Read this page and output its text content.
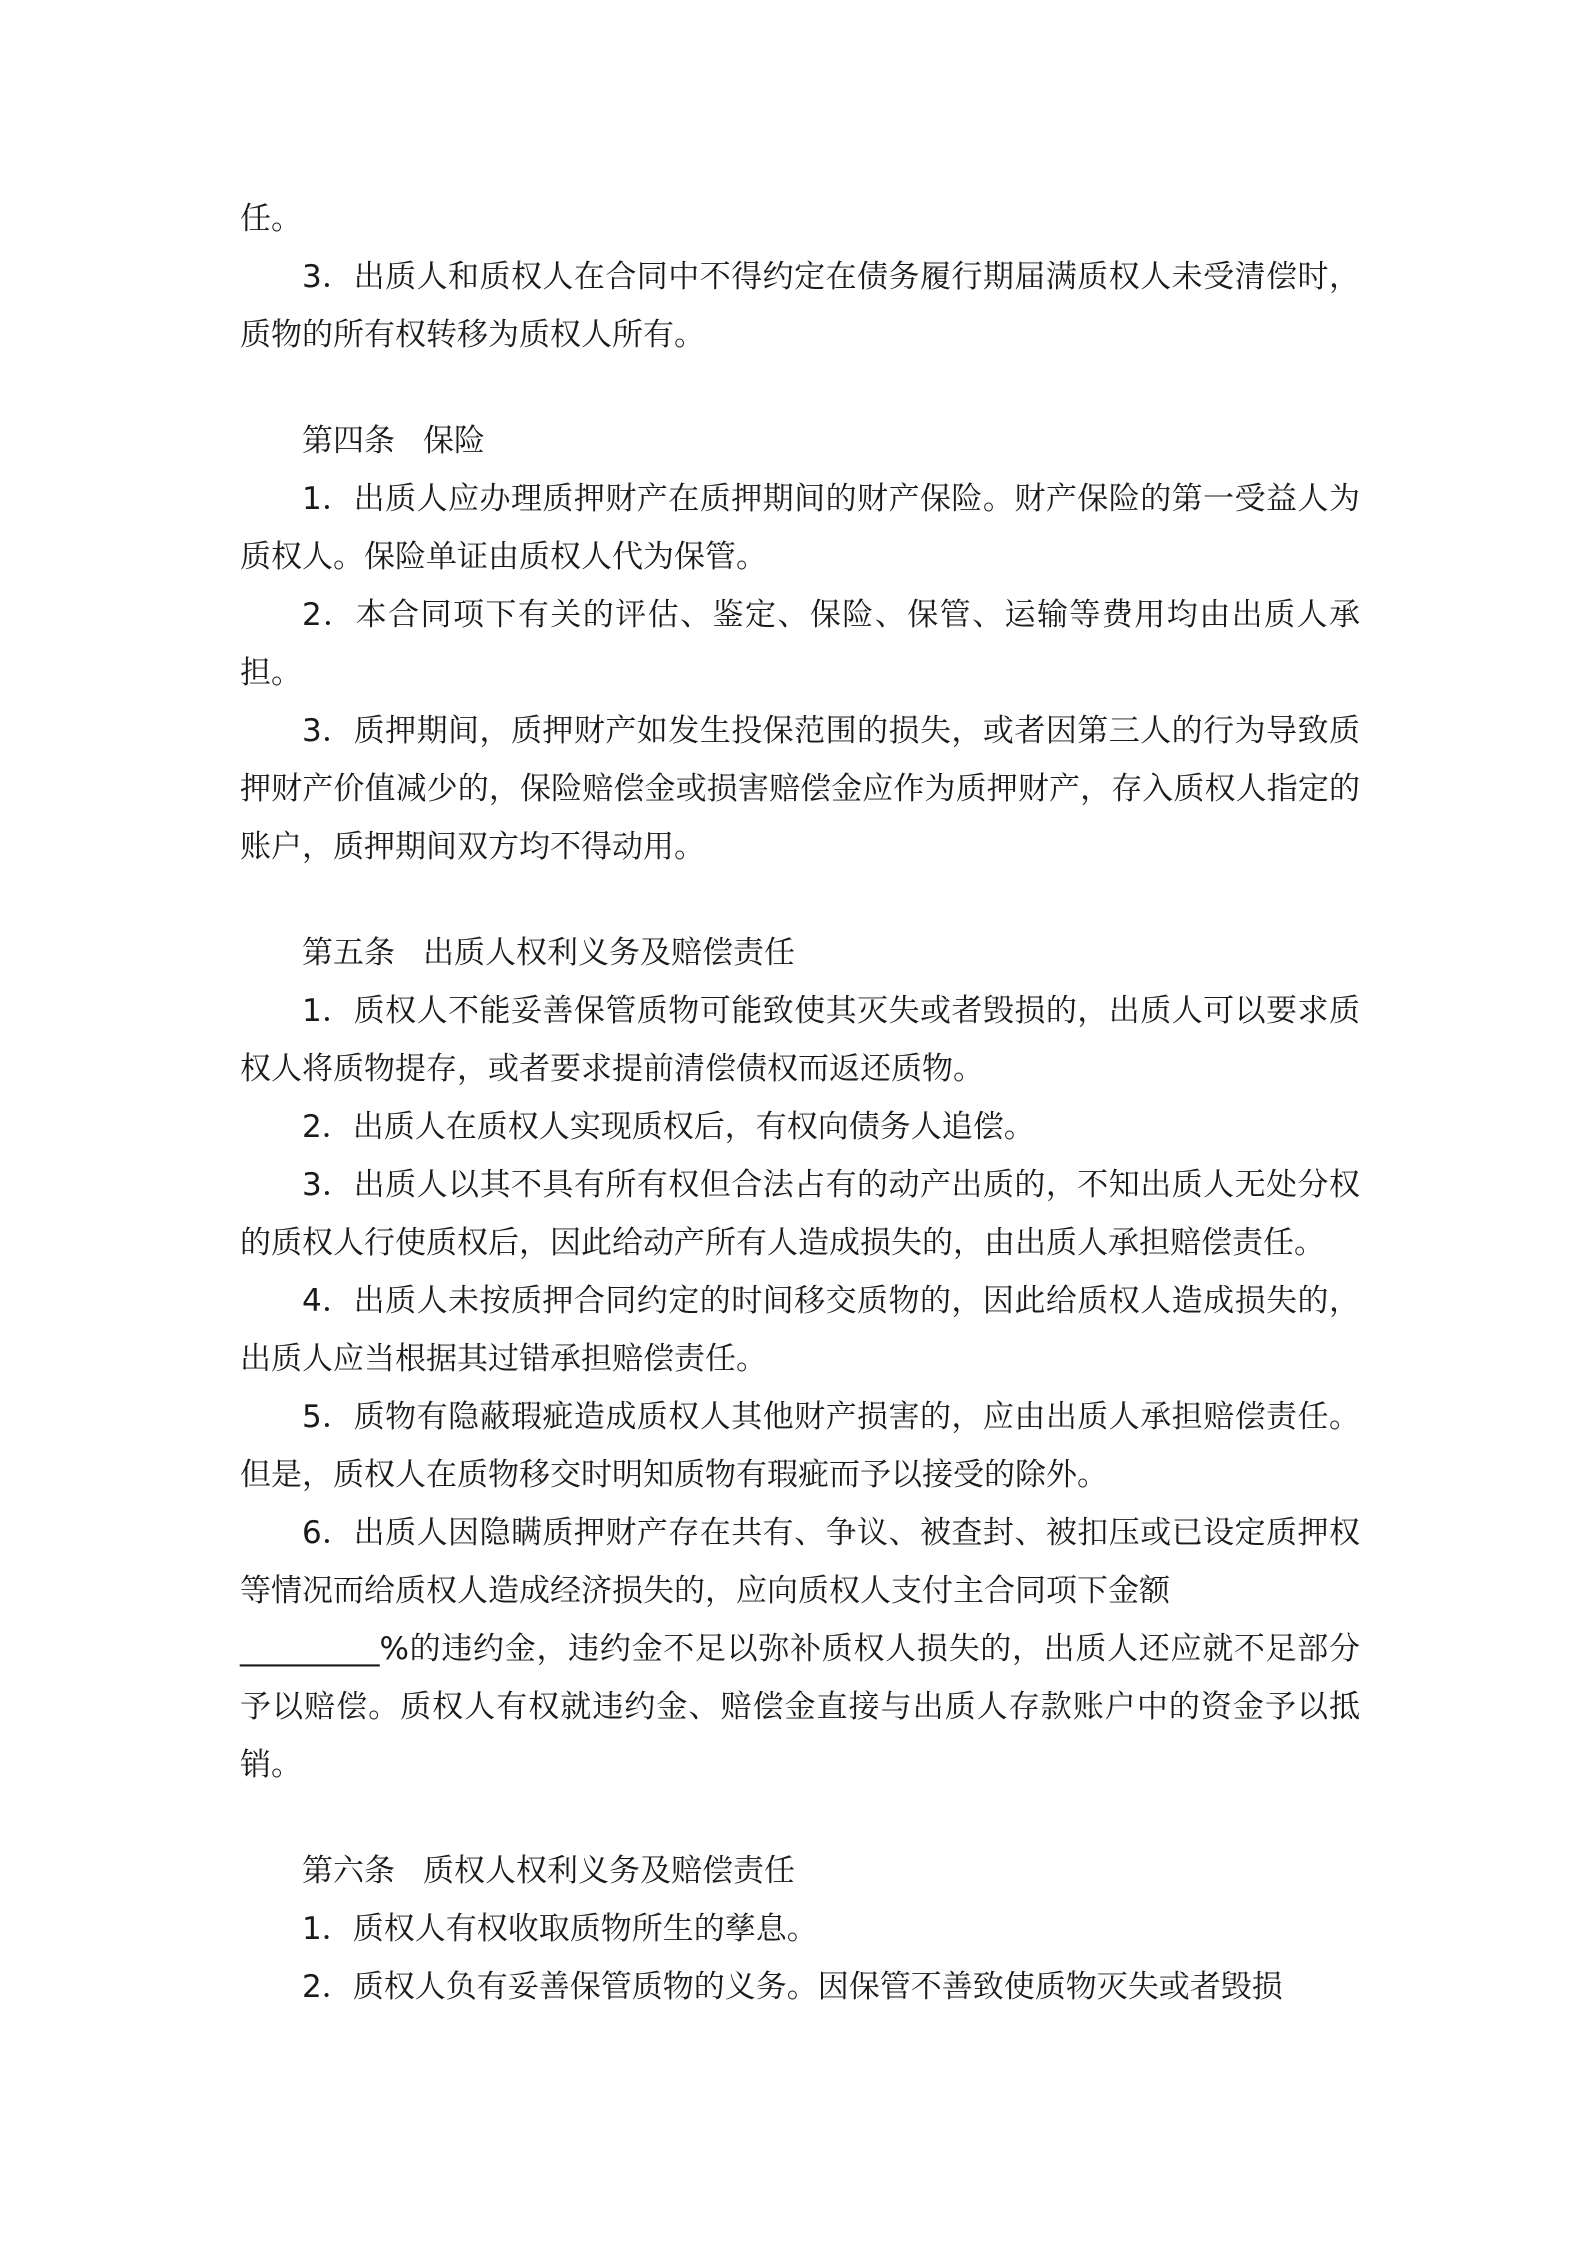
任。

3．出质人和质权人在合同中不得约定在债务履行期届满质权人未受清偿时，质物的所有权转移为质权人所有。

第四条 保险

1．出质人应办理质押财产在质押期间的财产保险。财产保险的第一受益人为质权人。保险单证由质权人代为保管。

2．本合同项下有关的评估、鉴定、保险、保管、运输等费用均由出质人承担。

3．质押期间，质押财产如发生投保范围的损失，或者因第三人的行为导致质押财产价值减少的，保险赔偿金或损害赔偿金应作为质押财产，存入质权人指定的账户，质押期间双方均不得动用。

第五条 出质人权利义务及赔偿责任

1．质权人不能妥善保管质物可能致使其灭失或者毁损的，出质人可以要求质权人将质物提存，或者要求提前清偿债权而返还质物。

2．出质人在质权人实现质权后，有权向债务人追偿。

3．出质人以其不具有所有权但合法占有的动产出质的，不知出质人无处分权的质权人行使质权后，因此给动产所有人造成损失的，由出质人承担赔偿责任。

4．出质人未按质押合同约定的时间移交质物的，因此给质权人造成损失的，出质人应当根据其过错承担赔偿责任。

5．质物有隐蔽瑕疵造成质权人其他财产损害的，应由出质人承担赔偿责任。但是，质权人在质物移交时明知质物有瑕疵而予以接受的除外。

6．出质人因隐瞒质押财产存在共有、争议、被查封、被扣压或已设定质押权等情况而给质权人造成经济损失的，应向质权人支付主合同项下金额

_________%的违约金，违约金不足以弥补质权人损失的，出质人还应就不足部分予以赔偿。质权人有权就违约金、赔偿金直接与出质人存款账户中的资金予以抵销。

第六条 质权人权利义务及赔偿责任

1．质权人有权收取质物所生的孳息。

2．质权人负有妥善保管质物的义务。因保管不善致使质物灭失或者毁损
